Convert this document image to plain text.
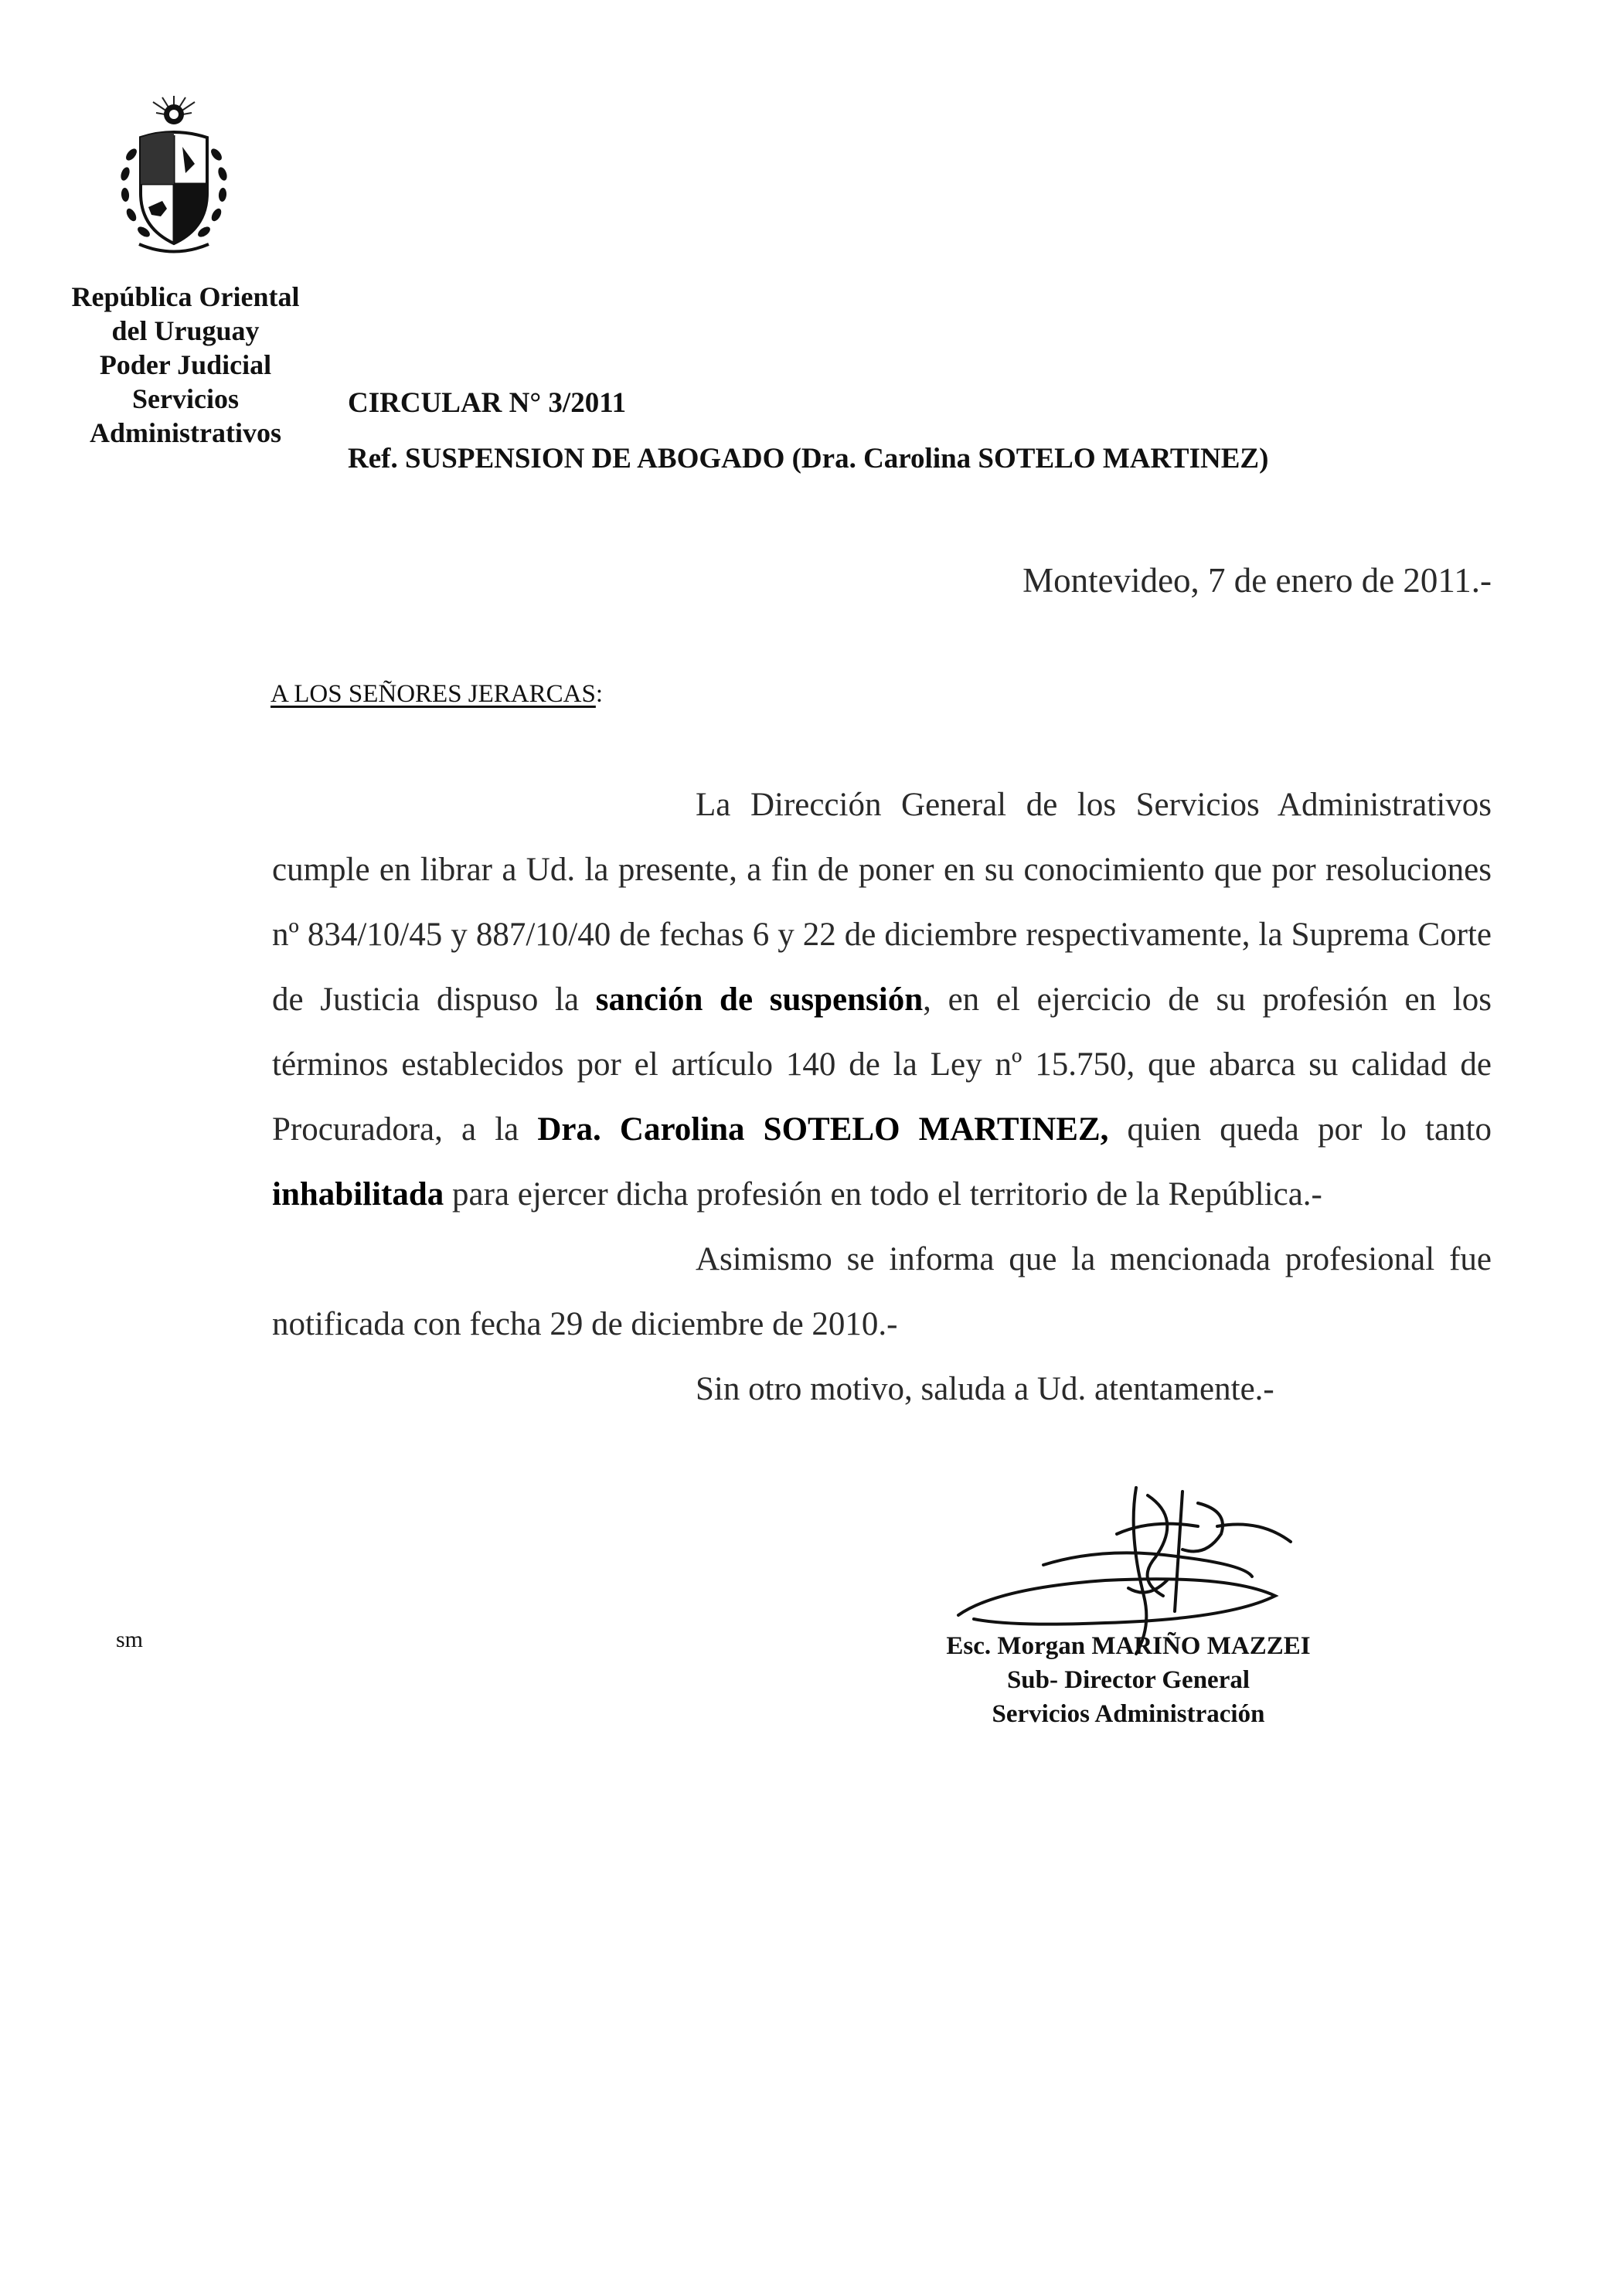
República Oriental
del Uruguay
Poder Judicial
Servicios
Administrativos
CIRCULAR N° 3/2011
Ref. SUSPENSION DE ABOGADO (Dra. Carolina SOTELO MARTINEZ)
Montevideo, 7 de enero de 2011.-
A LOS SEÑORES JERARCAS:

La Dirección General de los Servicios Administrativos cumple en librar a Ud. la presente, a fin de poner en su conocimiento que por resoluciones nº 834/10/45 y 887/10/40 de fechas 6 y 22 de diciembre respectivamente, la Suprema Corte de Justicia dispuso la sanción de suspensión, en el ejercicio de su profesión en los términos establecidos por el artículo 140 de la Ley nº 15.750, que abarca su calidad de Procuradora, a la Dra. Carolina SOTELO MARTINEZ, quien queda por lo tanto inhabilitada para ejercer dicha profesión en todo el territorio de la República.-

Asimismo se informa que la mencionada profesional fue notificada con fecha 29 de diciembre de 2010.-

Sin otro motivo, saluda a Ud. atentamente.-

sm	Esc. Morgan MARIÑO MAZZEI
Sub- Director General
Servicios Administración
